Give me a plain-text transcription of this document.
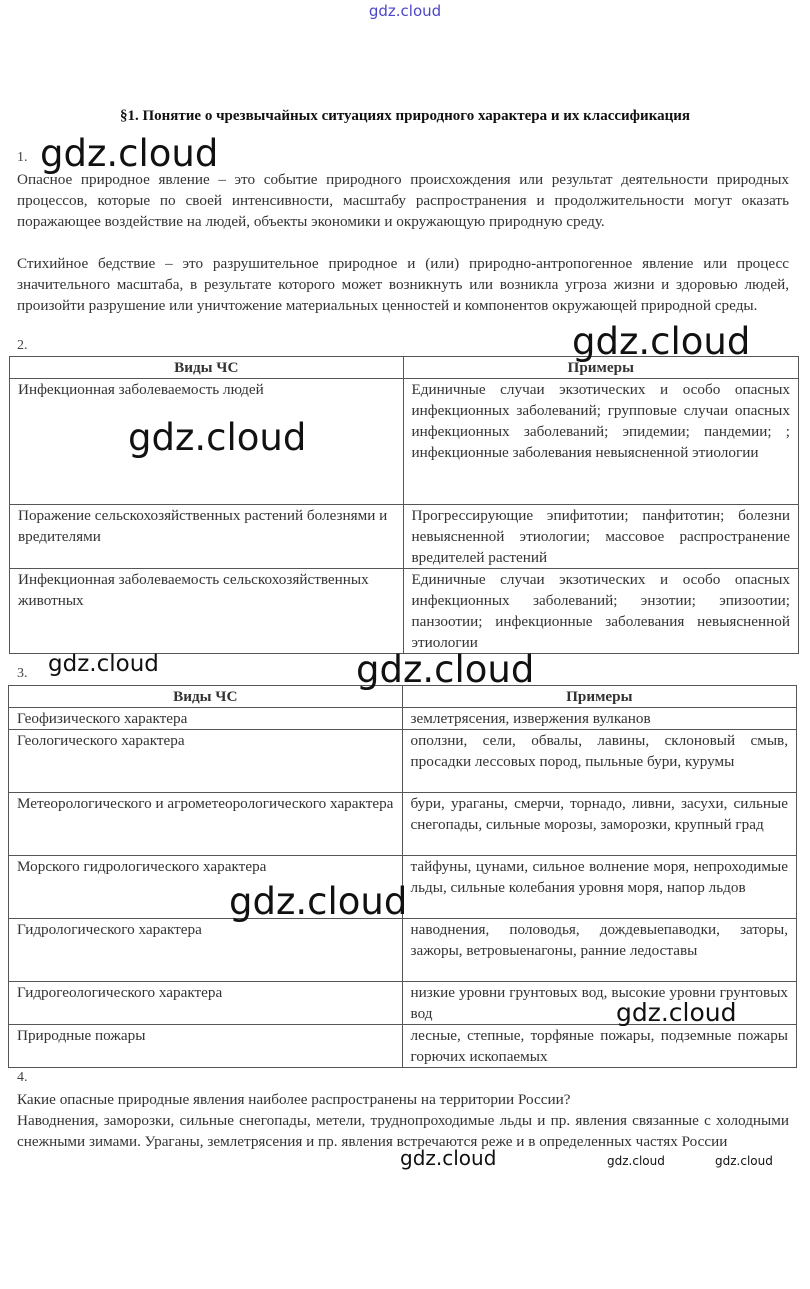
gdz.cloud
§1. Понятие о чрезвычайных ситуациях природного характера и их классификация
1.
Опасное природное явление – это событие природного происхождения или результат деятельности природных процессов, которые по своей интенсивности, масштабу распространения и продолжительности могут оказать поражающее воздействие на людей, объекты экономики и окружающую природную среду.
Стихийное бедствие – это разрушительное природное и (или) природно-антропогенное явление или процесс значительного масштаба, в результате которого может возникнуть или возникла угроза жизни и здоровью людей, произойти разрушение или уничтожение материальных ценностей и компонентов окружающей природной среды.
2.
Виды ЧС	Примеры
Инфекционная заболеваемость людей	Единичные случаи экзотических и особо опасных инфекционных заболеваний; групповые случаи опасных инфекционных заболеваний; эпидемии; пандемии; ; инфекционные заболевания невыясненной этиологии
Поражение сельскохозяйственных растений болезнями и вредителями	Прогрессирующие эпифитотии; панфитотин; болезни невыясненной этиологии; массовое распространение вредителей растений
Инфекционная заболеваемость сельскохозяйственных животных	Единичные случаи экзотических и особо опасных инфекционных заболеваний; энзотии; эпизоотии; панзоотии; инфекционные заболевания невыясненной этиологии
3.
Виды ЧС	Примеры
Геофизического характера	землетрясения, извержения вулканов
Геологического характера	оползни, сели, обвалы, лавины, склоновый смыв, просадки лессовых пород, пыльные бури, курумы
Метеорологического и агрометеорологического характера	бури, ураганы, смерчи, торнадо, ливни, засухи, сильные снегопады, сильные морозы, заморозки, крупный град
Морского гидрологического характера	тайфуны, цунами, сильное волнение моря, непроходимые льды, сильные колебания уровня моря, напор льдов
Гидрологического характера	наводнения, половодья, дождевыепаводки, заторы, зажоры, ветровыенагоны, ранние ледоставы
Гидрогеологического характера	низкие уровни грунтовых вод, высокие уровни грунтовых вод
Природные пожары	лесные, степные, торфяные пожары, подземные пожары горючих ископаемых
4.
Какие опасные природные явления наиболее распространены на территории России?
Наводнения, заморозки, сильные снегопады, метели, труднопроходимые льды и пр. явления связанные с холодными снежными зимами. Ураганы, землетрясения и пр. явления встречаются реже и в определенных частях России
gdz.cloud
gdz.cloud
gdz.cloud
gdz.cloud	gdz.cloud
gdz.cloud
gdz.cloud
gdz.cloud	gdz.cloud	gdz.cloud
